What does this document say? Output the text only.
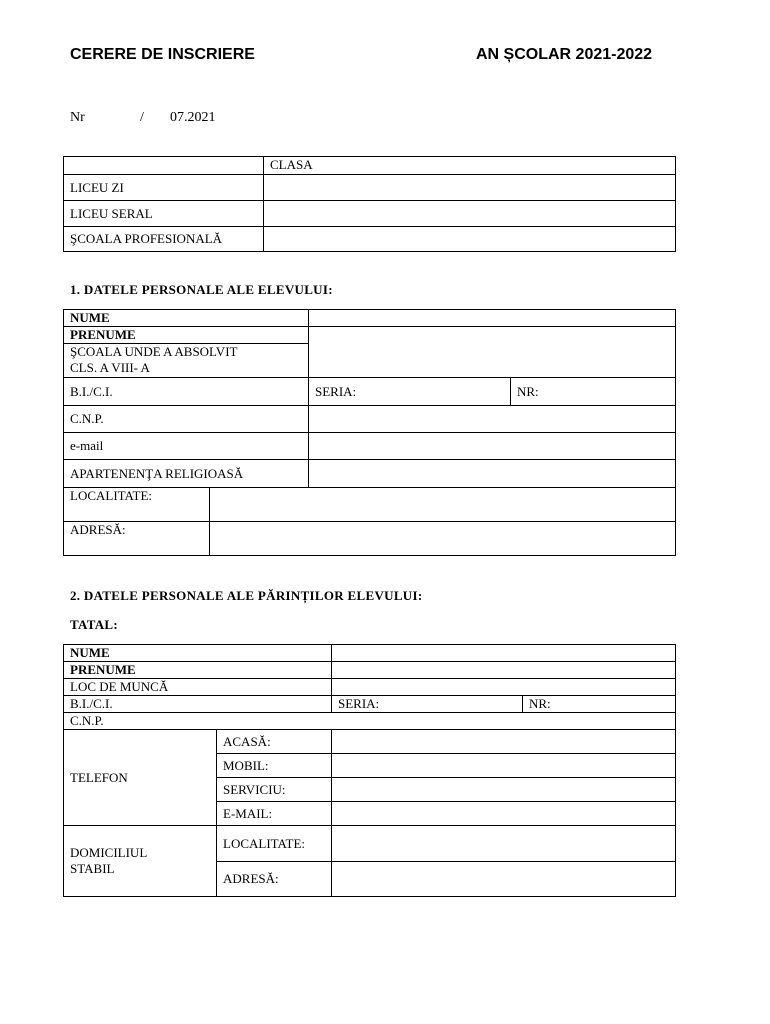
CERERE DE INSCRIERE	AN ȘCOLAR 2021-2022
Nr	/ 07.2021
	CLASA
LICEU ZI	
LICEU SERAL	
ŞCOALA PROFESIONALĂ	
1. DATELE PERSONALE ALE ELEVULUI:
NUME			
PRENUME			

ŞCOALA UNDE A ABSOLVIT
CLS. A VIII- A			

B.I./C.I.		SERIA:	NR:
C.N.P.			
e-mail			
APARTENENŢA RELIGIOASĂ			
LOCALITATE:			
ADRESĂ:			
2. DATELE PERSONALE ALE PĂRINȚILOR ELEVULUI:
TATAL:
NUME			
PRENUME			
LOC DE MUNCĂ			
B.I./C.I.		SERIA:	NR:
C.N.P.			
TELEFON	ACASĂ:		
	MOBIL:		
	SERVICIU:		
	E-MAIL:		

DOMICILIUL
STABIL	LOCALITATE:		
	ADRESĂ:		
